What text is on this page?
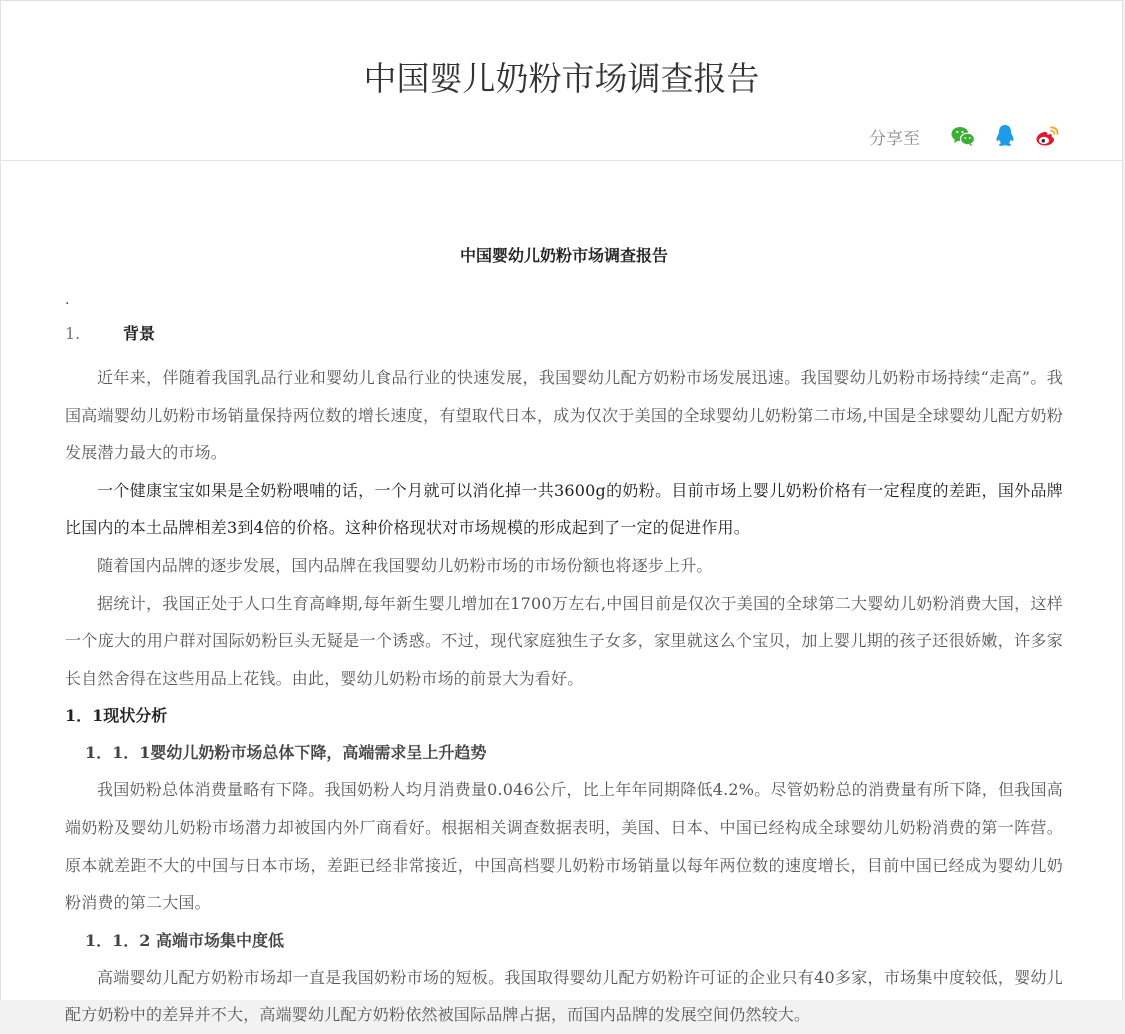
中国婴儿奶粉市场调查报告
分享至
中国婴幼儿奶粉市场调查报告
.
1.	背景

近年来，伴随着我国乳品行业和婴幼儿食品行业的快速发展，我国婴幼儿配方奶粉市场发展迅速。我国婴幼儿奶粉市场持续“走高”。我国高端婴幼儿奶粉市场销量保持两位数的增长速度，有望取代日本，成为仅次于美国的全球婴幼儿奶粉第二市场,中国是全球婴幼儿配方奶粉发展潜力最大的市场。

一个健康宝宝如果是全奶粉喂哺的话，一个月就可以消化掉一共3600g的奶粉。目前市场上婴儿奶粉价格有一定程度的差距，国外品牌比国内的本土品牌相差3到4倍的价格。这种价格现状对市场规模的形成起到了一定的促进作用。

随着国内品牌的逐步发展，国内品牌在我国婴幼儿奶粉市场的市场份额也将逐步上升。

据统计，我国正处于人口生育高峰期,每年新生婴儿增加在1700万左右,中国目前是仅次于美国的全球第二大婴幼儿奶粉消费大国，这样一个庞大的用户群对国际奶粉巨头无疑是一个诱惑。不过，现代家庭独生子女多，家里就这么个宝贝，加上婴儿期的孩子还很娇嫩，许多家长自然舍得在这些用品上花钱。由此，婴幼儿奶粉市场的前景大为看好。

1．1现状分析
1．1．1婴幼儿奶粉市场总体下降，高端需求呈上升趋势

我国奶粉总体消费量略有下降。我国奶粉人均月消费量0.046公斤，比上年年同期降低4.2%。尽管奶粉总的消费量有所下降，但我国高端奶粉及婴幼儿奶粉市场潜力却被国内外厂商看好。根据相关调查数据表明，美国、日本、中国已经构成全球婴幼儿奶粉消费的第一阵营。原本就差距不大的中国与日本市场，差距已经非常接近，中国高档婴儿奶粉市场销量以每年两位数的速度增长，目前中国已经成为婴幼儿奶粉消费的第二大国。

1．1．2 高端市场集中度低

高端婴幼儿配方奶粉市场却一直是我国奶粉市场的短板。我国取得婴幼儿配方奶粉许可证的企业只有40多家，市场集中度较低，婴幼儿配方奶粉中的差异并不大，高端婴幼儿配方奶粉依然被国际品牌占据，而国内品牌的发展空间仍然较大。
